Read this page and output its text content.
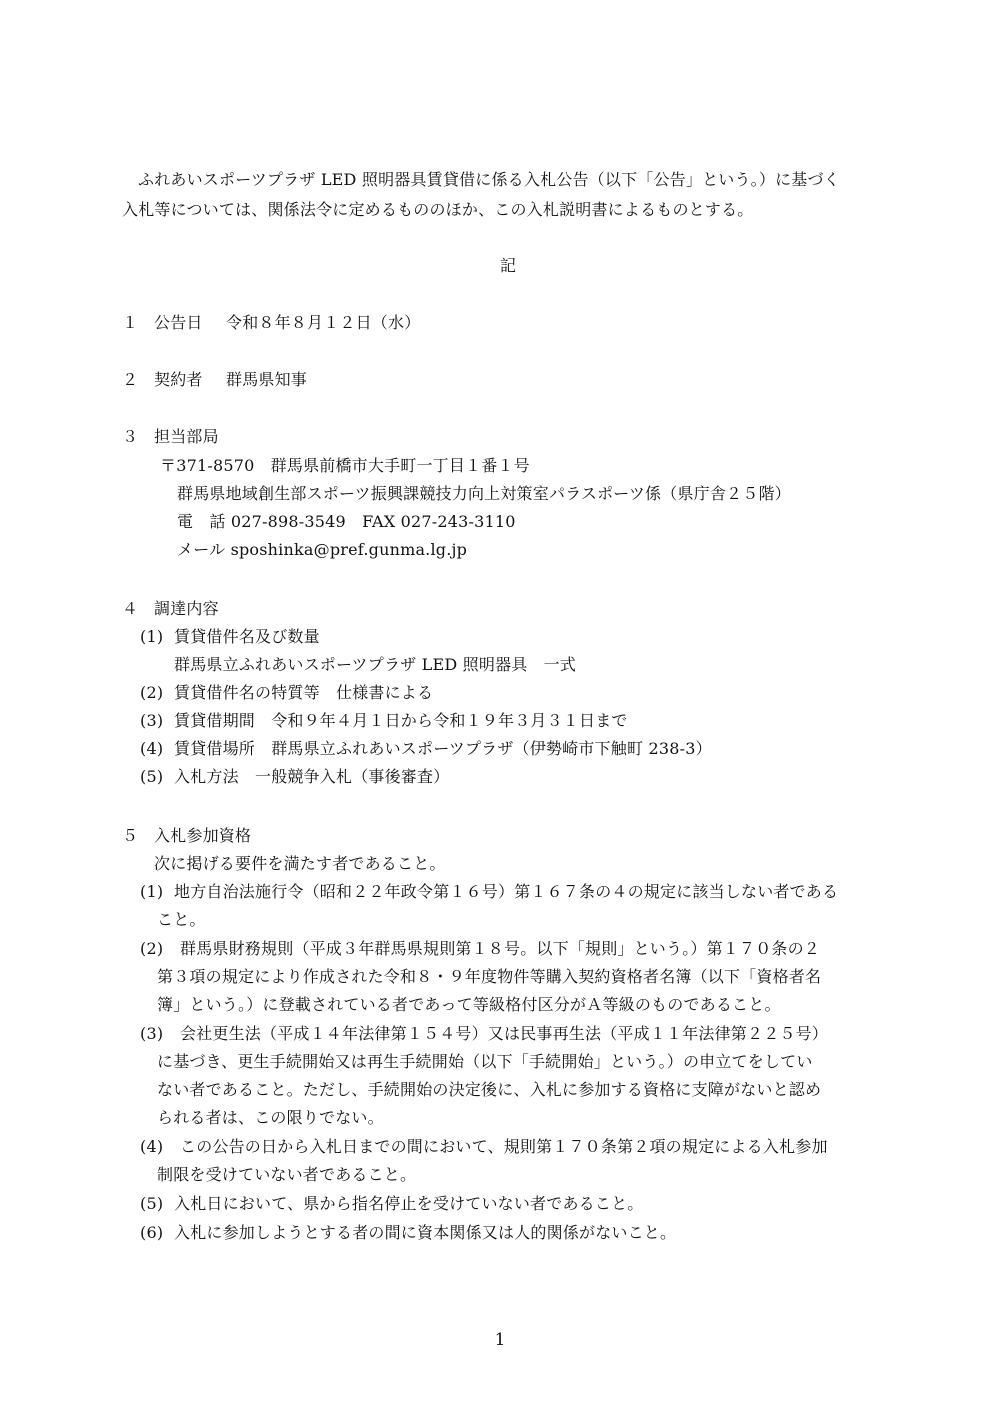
ふれあいスポーツプラザ LED 照明器具賃貸借に係る入札公告（以下「公告」という。）に基づく
入札等については、関係法令に定めるもののほか、この入札説明書によるものとする。
記
１ 公告日 令和８年８月１２日（水）
２ 契約者 群馬県知事
３ 担当部局
〒371-8570　群馬県前橋市大手町一丁目１番１号
群馬県地域創生部スポーツ振興課競技力向上対策室パラスポーツ係（県庁舎２５階）
電　話 027-898-3549　FAX 027-243-3110
メール sposhinka@pref.gunma.lg.jp
４ 調達内容
(1) 賃貸借件名及び数量
群馬県立ふれあいスポーツプラザ LED 照明器具　一式
(2) 賃貸借件名の特質等　仕様書による
(3) 賃貸借期間　令和９年４月１日から令和１９年３月３１日まで
(4) 賃貸借場所　群馬県立ふれあいスポーツプラザ（伊勢崎市下触町 238-3）
(5) 入札方法　一般競争入札（事後審査）
５ 入札参加資格
次に掲げる要件を満たす者であること。
(1) 地方自治法施行令（昭和２２年政令第１６号）第１６７条の４の規定に該当しない者である
こと。
(2) 群馬県財務規則（平成３年群馬県規則第１８号。以下「規則」という。）第１７０条の２
第３項の規定により作成された令和８・９年度物件等購入契約資格者名簿（以下「資格者名
簿」という。）に登載されている者であって等級格付区分がＡ等級のものであること。
(3) 会社更生法（平成１４年法律第１５４号）又は民事再生法（平成１１年法律第２２５号）
に基づき、更生手続開始又は再生手続開始（以下「手続開始」という。）の申立てをしてい
ない者であること。ただし、手続開始の決定後に、入札に参加する資格に支障がないと認め
られる者は、この限りでない。
(4) この公告の日から入札日までの間において、規則第１７０条第２項の規定による入札参加
制限を受けていない者であること。
(5) 入札日において、県から指名停止を受けていない者であること。
(6) 入札に参加しようとする者の間に資本関係又は人的関係がないこと。
1
